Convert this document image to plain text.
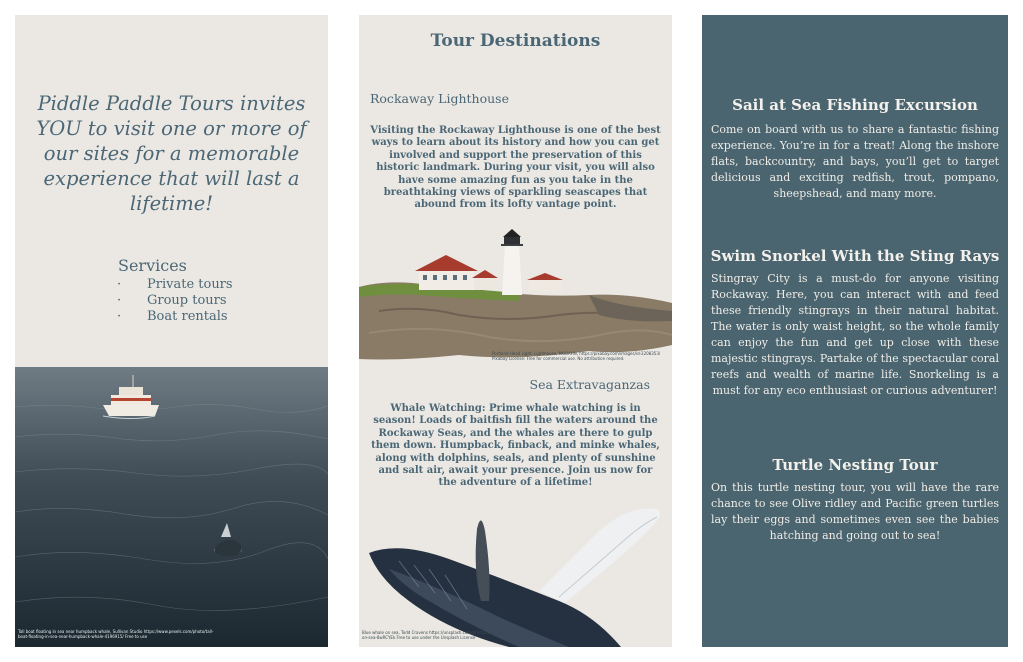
Piddle Paddle Tours invites YOU to visit one or more of our sites for a memorable experience that will last a lifetime!
Services
· Private tours
· Group tours
· Boat rentals
Tall boat floating in sea near humpback whale, Sullivan Studio https://www.pexels.com/photo/tall-boat-floating-in-sea-near-humpback-whale-4196915/ Free to use
Tour Destinations
Rockaway Lighthouse
Visiting the Rockaway Lighthouse is one of the best ways to learn about its history and how you can get involved and support the preservation of this historic landmark. During your visit, you will also have some amazing fun as you take in the breathtaking views of sparkling seascapes that abound from its lofty vantage point.
Portland Head Light, Lighthouse, MOBAHN, https://pixabay.com/images/id-2208353/ Pixabay License: Free for commercial use. No attribution required.
Sea Extravaganzas
Whale Watching: Prime whale watching is in season! Loads of baitfish fill the waters around the Rockaway Seas, and the whales are there to gulp them down. Humpback, finback, and minke whales, along with dolphins, seals, and plenty of sunshine and salt air, await your presence. Join us now for the adventure of a lifetime!
Blue whale on sea, Todd Cravens https://unsplash.com/photos/blue-whale-on-sea-8wRCYEk Free to use under the Unsplash License
Sail at Sea Fishing Excursion

Come on board with us to share a fantastic fishing experience. You’re in for a treat! Along the inshore flats, backcountry, and bays, you’ll get to target delicious and exciting redfish, trout, pompano, sheepshead, and many more.

Swim Snorkel With the Sting Rays

Stingray City is a must-do for anyone visiting Rockaway. Here, you can interact with and feed these friendly stingrays in their natural habitat. The water is only waist height, so the whole family can enjoy the fun and get up close with these majestic stingrays. Partake of the spectacular coral reefs and wealth of marine life. Snorkeling is a must for any eco enthusiast or curious adventurer!

Turtle Nesting Tour

On this turtle nesting tour, you will have the rare chance to see Olive ridley and Pacific green turtles lay their eggs and sometimes even see the babies hatching and going out to sea!
